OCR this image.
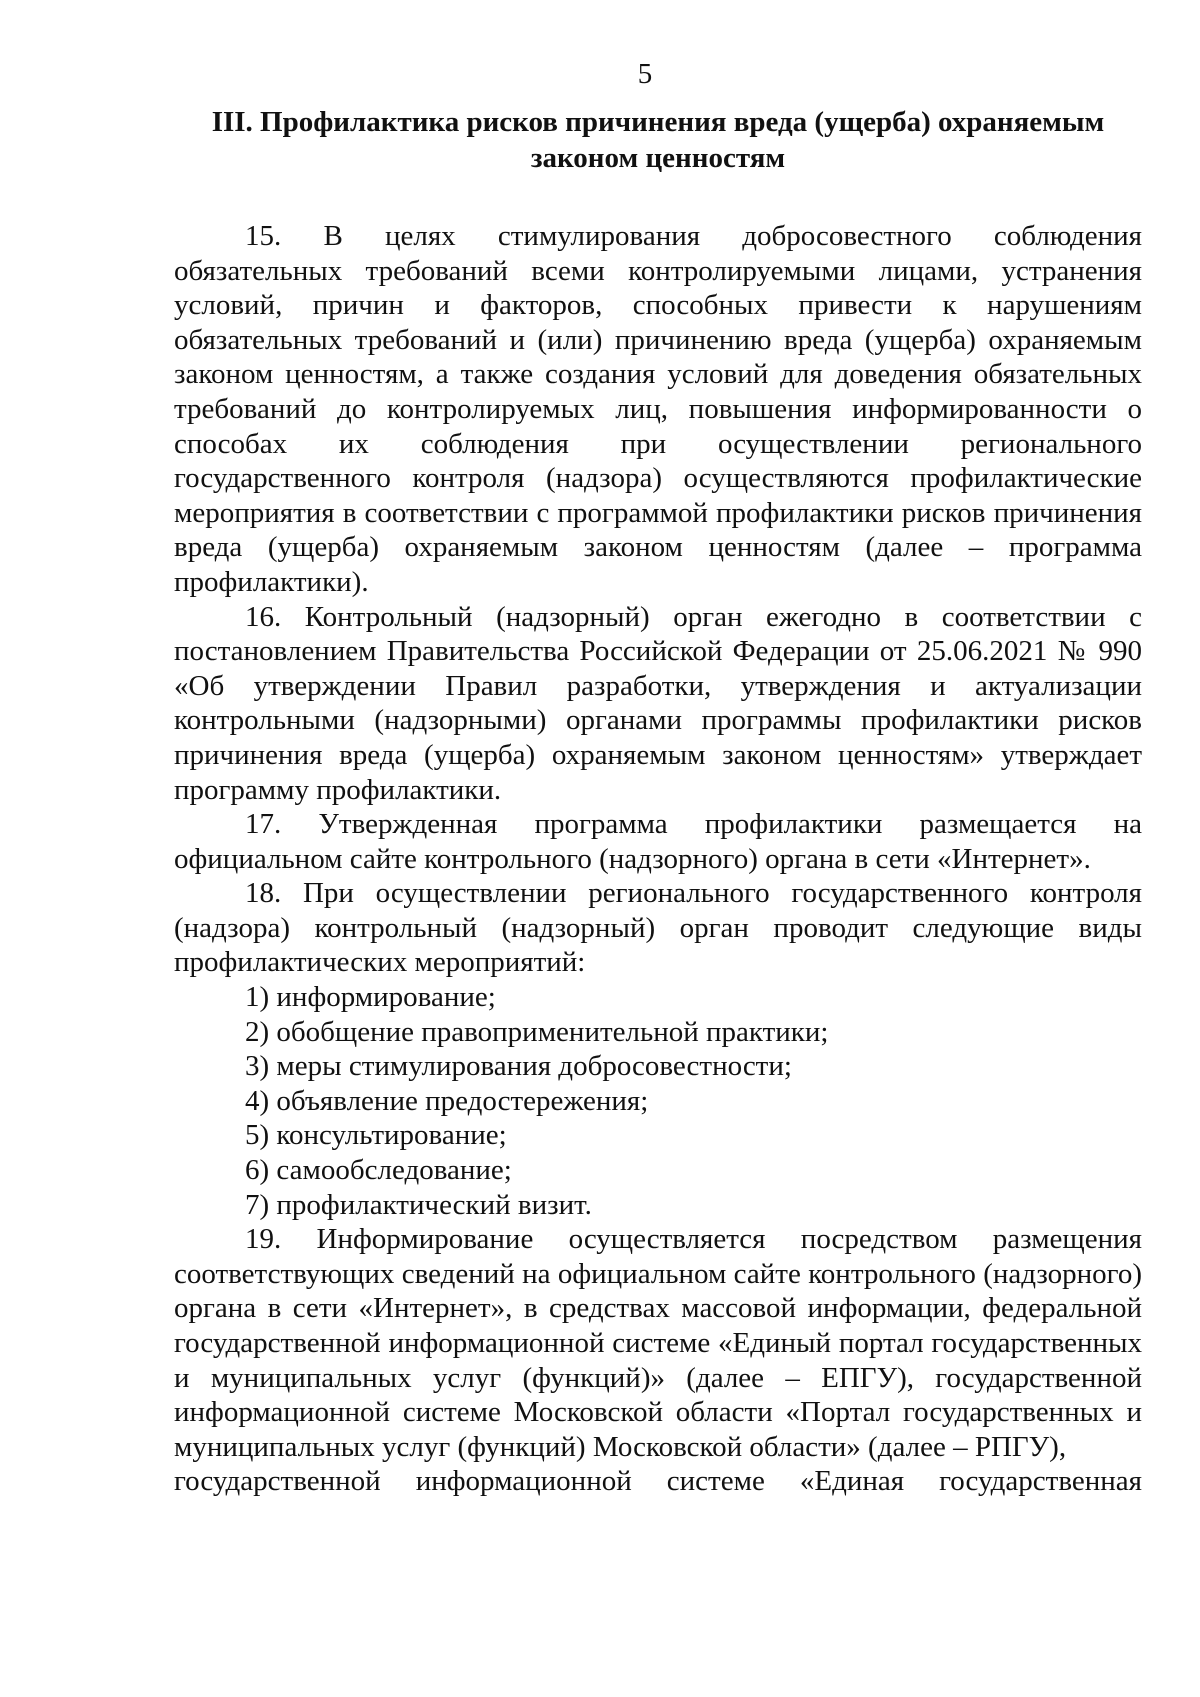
5
III. Профилактика рисков причинения вреда (ущерба) охраняемым
законом ценностям

15. В целях стимулирования добросовестного соблюдения обязательных требований всеми контролируемыми лицами, устранения условий, причин и факторов, способных привести к нарушениям обязательных требований и (или) причинению вреда (ущерба) охраняемым законом ценностям, а также создания условий для доведения обязательных требований до контролируемых лиц, повышения информированности о способах их соблюдения при осуществлении регионального государственного контроля (надзора) осуществляются профилактические мероприятия в соответствии с программой профилактики рисков причинения вреда (ущерба) охраняемым законом ценностям (далее – программа профилактики).

16. Контрольный (надзорный) орган ежегодно в соответствии с постановлением Правительства Российской Федерации от 25.06.2021 № 990 «Об утверждении Правил разработки, утверждения и актуализации контрольными (надзорными) органами программы профилактики рисков причинения вреда (ущерба) охраняемым законом ценностям» утверждает программу профилактики.

17. Утвержденная программа профилактики размещается на официальном сайте контрольного (надзорного) органа в сети «Интернет».

18. При осуществлении регионального государственного контроля (надзора) контрольный (надзорный) орган проводит следующие виды профилактических мероприятий:

1) информирование;

2) обобщение правоприменительной практики;

3) меры стимулирования добросовестности;

4) объявление предостережения;

5) консультирование;

6) самообследование;

7) профилактический визит.

19. Информирование осуществляется посредством размещения соответствующих сведений на официальном сайте контрольного (надзорного) органа в сети «Интернет», в средствах массовой информации, федеральной государственной информационной системе «Единый портал государственных и муниципальных услуг (функций)» (далее – ЕПГУ), государственной информационной системе Московской области «Портал государственных и муниципальных услуг (функций) Московской области» (далее – РПГУ),

государственной информационной системе «Единая государственная
